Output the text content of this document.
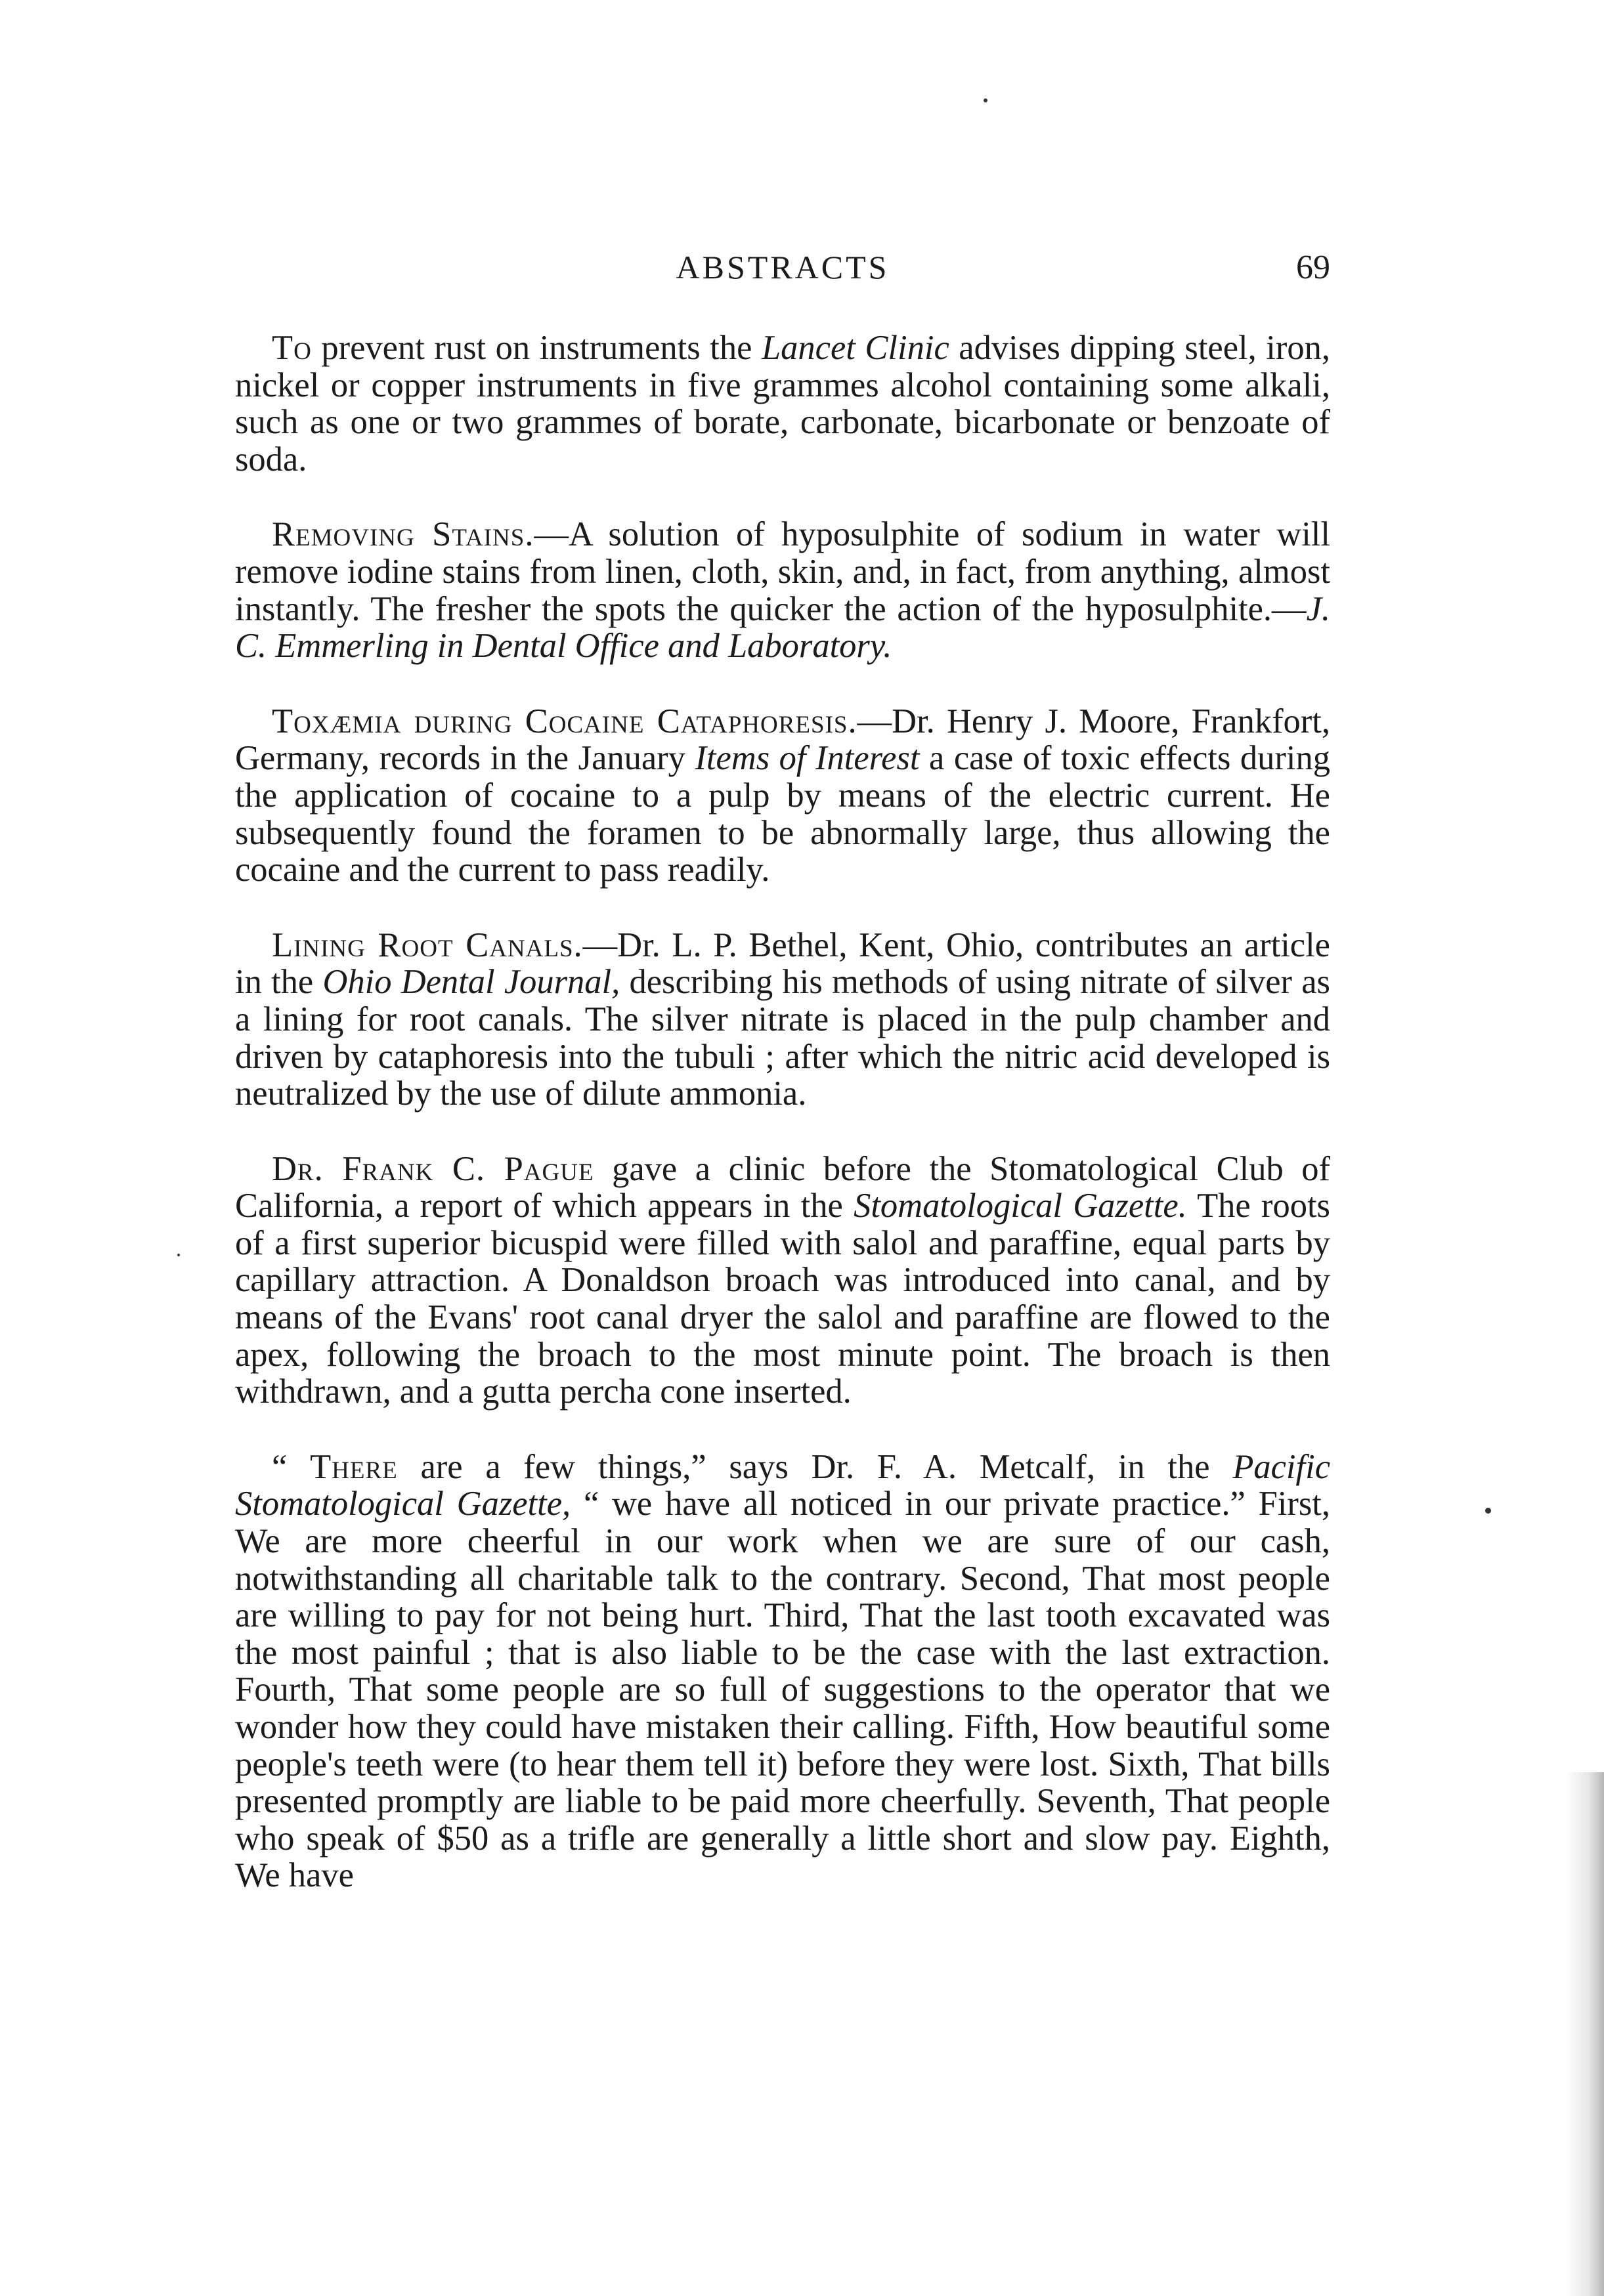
ABSTRACTS	69

To prevent rust on instruments the Lancet Clinic advises dipping steel, iron, nickel or copper instruments in five grammes alcohol containing some alkali, such as one or two grammes of borate, carbonate, bicarbonate or benzoate of soda.

Removing Stains.—A solution of hyposulphite of sodium in water will remove iodine stains from linen, cloth, skin, and, in fact, from anything, almost instantly. The fresher the spots the quicker the action of the hyposulphite.—J. C. Emmerling in Dental Office and Laboratory.

Toxæmia during Cocaine Cataphoresis.—Dr. Henry J. Moore, Frankfort, Germany, records in the January Items of Interest a case of toxic effects during the application of cocaine to a pulp by means of the electric current. He subsequently found the foramen to be abnormally large, thus allowing the cocaine and the current to pass readily.

Lining Root Canals.—Dr. L. P. Bethel, Kent, Ohio, contributes an article in the Ohio Dental Journal, describing his methods of using nitrate of silver as a lining for root canals. The silver nitrate is placed in the pulp chamber and driven by cataphoresis into the tubuli ; after which the nitric acid developed is neutralized by the use of dilute ammonia.

Dr. Frank C. Pague gave a clinic before the Stomatological Club of California, a report of which appears in the Stomatological Gazette. The roots of a first superior bicuspid were filled with salol and paraffine, equal parts by capillary attraction. A Donaldson broach was introduced into canal, and by means of the Evans' root canal dryer the salol and paraffine are flowed to the apex, following the broach to the most minute point. The broach is then withdrawn, and a gutta percha cone inserted.

“ There are a few things,” says Dr. F. A. Metcalf, in the Pacific Stomatological Gazette, “ we have all noticed in our private practice.” First, We are more cheerful in our work when we are sure of our cash, notwithstanding all charitable talk to the contrary. Second, That most people are willing to pay for not being hurt. Third, That the last tooth excavated was the most painful ; that is also liable to be the case with the last extraction. Fourth, That some people are so full of suggestions to the operator that we wonder how they could have mistaken their calling. Fifth, How beautiful some people's teeth were (to hear them tell it) before they were lost. Sixth, That bills presented promptly are liable to be paid more cheerfully. Seventh, That people who speak of $50 as a trifle are generally a little short and slow pay. Eighth, We have
